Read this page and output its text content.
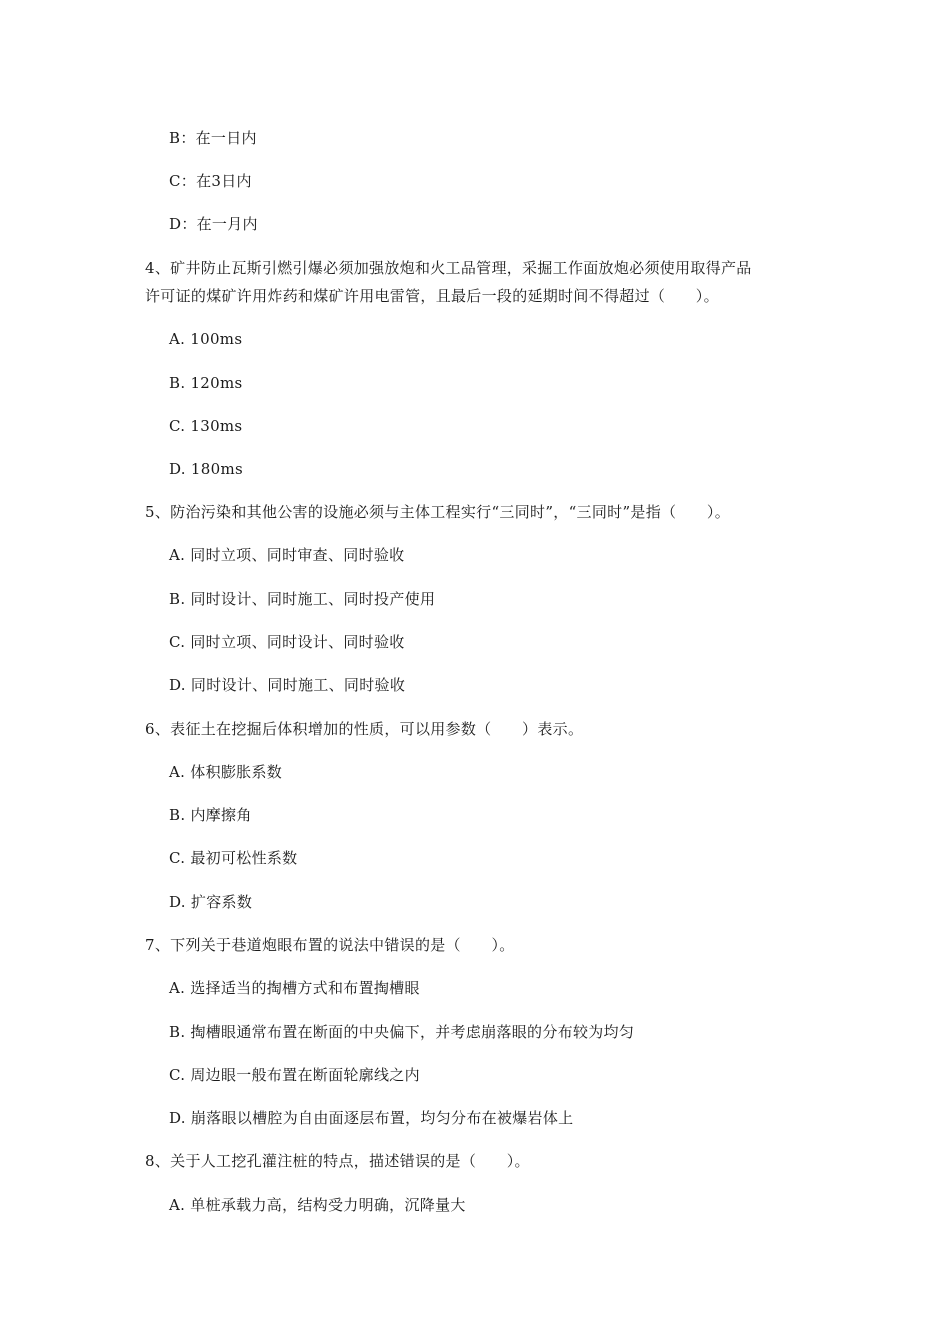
B：在一日内
C：在3日内
D：在一月内
4、矿井防止瓦斯引燃引爆必须加强放炮和火工品管理，采掘工作面放炮必须使用取得产品
许可证的煤矿许用炸药和煤矿许用电雷管，且最后一段的延期时间不得超过（　　）。
A. 100ms
B. 120ms
C. 130ms
D. 180ms
5、防治污染和其他公害的设施必须与主体工程实行“三同时”，“三同时”是指（　　）。
A. 同时立项、同时审查、同时验收
B. 同时设计、同时施工、同时投产使用
C. 同时立项、同时设计、同时验收
D. 同时设计、同时施工、同时验收
6、表征土在挖掘后体积增加的性质，可以用参数（　　）表示。
A. 体积膨胀系数
B. 内摩擦角
C. 最初可松性系数
D. 扩容系数
7、下列关于巷道炮眼布置的说法中错误的是（　　）。
A. 选择适当的掏槽方式和布置掏槽眼
B. 掏槽眼通常布置在断面的中央偏下，并考虑崩落眼的分布较为均匀
C. 周边眼一般布置在断面轮廓线之内
D. 崩落眼以槽腔为自由面逐层布置，均匀分布在被爆岩体上
8、关于人工挖孔灌注桩的特点，描述错误的是（　　）。
A. 单桩承载力高，结构受力明确，沉降量大
